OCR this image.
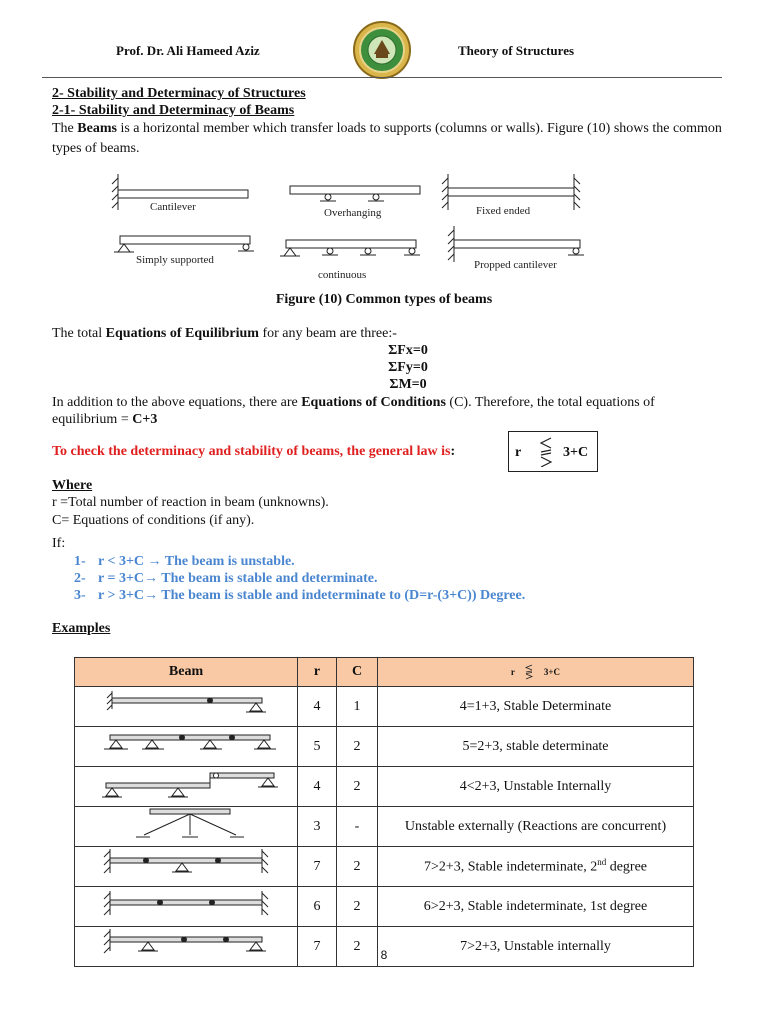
Prof. Dr. Ali Hameed Aziz	Theory of Structures
2- Stability and Determinacy of Structures
2-1- Stability and Determinacy of Beams
The Beams is a horizontal member which transfer loads to supports (columns or walls). Figure (10) shows the common types of beams.
Cantilever	Overhanging	Fixed ended
Simply supported
continuous
Propped cantilever
Figure (10) Common types of beams
The total Equations of Equilibrium for any beam are three:-
ΣFx=0
ΣFy=0
ΣM=0
In addition to the above equations, there are Equations of Conditions (C). Therefore, the total equations of equilibrium = C+3
To check the determinacy and stability of beams, the general law is:	r	3+C
Where
r =Total number of reaction in beam (unknowns).
C= Equations of conditions (if any).
If:
1- r < 3+C → The beam is unstable.
2- r = 3+C→ The beam is stable and determinate.
3- r > 3+C→ The beam is stable and indeterminate to (D=r-(3+C)) Degree.
Examples
Beam	r	C	r 3+C
	4	1	4=1+3, Stable Determinate
	5	2	5=2+3, stable determinate
	4	2	4<2+3, Unstable Internally
	3	-	Unstable externally (Reactions are concurrent)
	7	2	7>2+3, Stable indeterminate, 2nd degree
	6	2	6>2+3, Stable indeterminate, 1st degree
	7	2	7>2+3, Unstable internally
8
